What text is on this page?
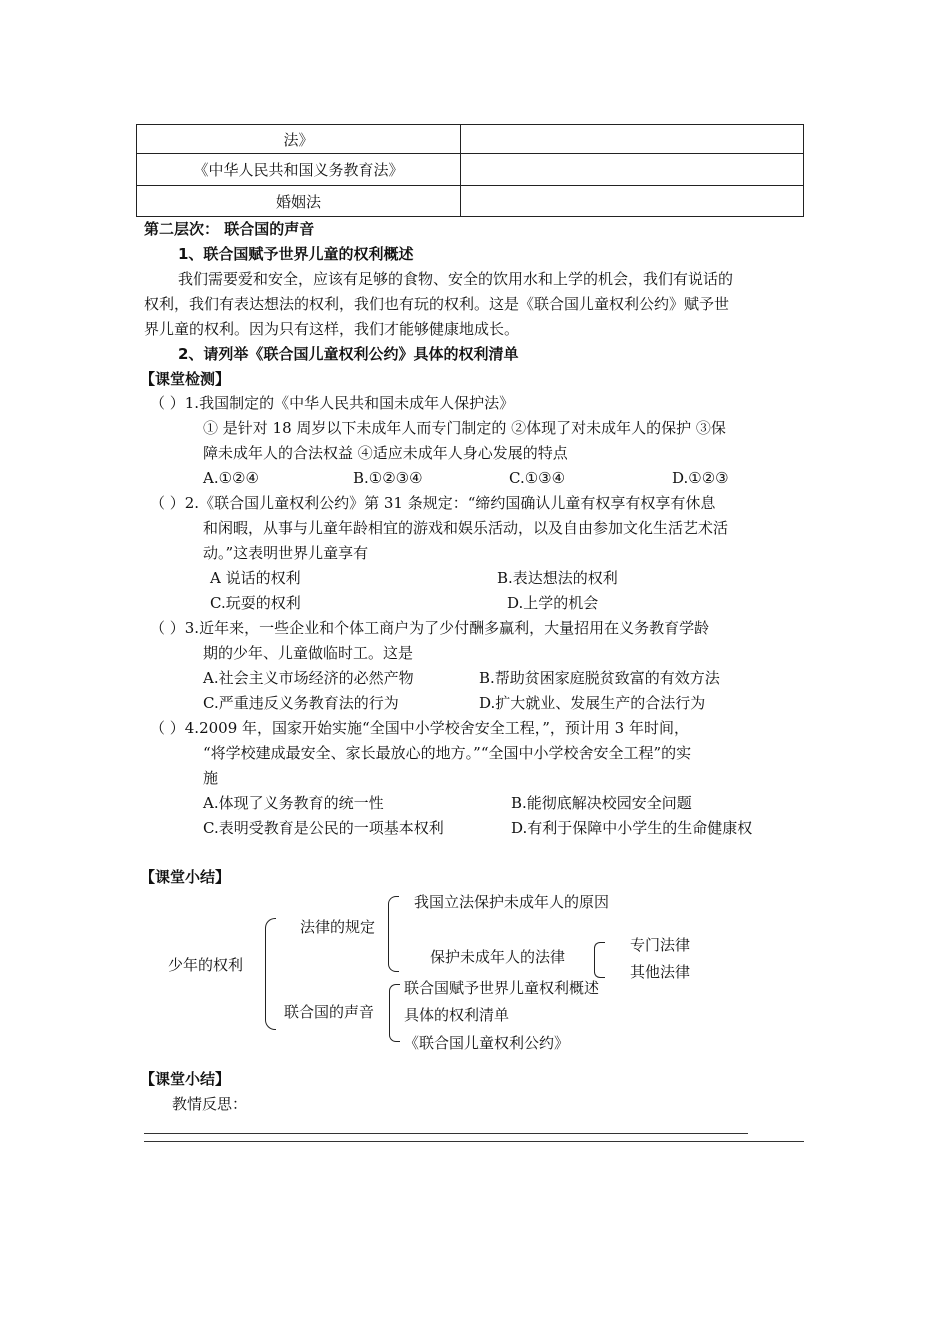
法》	
《中华人民共和国义务教育法》	
婚姻法	
第二层次： 联合国的声音
1、联合国赋予世界儿童的权利概述
我们需要爱和安全，应该有足够的食物、安全的饮用水和上学的机会，我们有说话的
权利，我们有表达想法的权利，我们也有玩的权利。这是《联合国儿童权利公约》赋予世
界儿童的权利。因为只有这样，我们才能够健康地成长。
2、请列举《联合国儿童权利公约》具体的权利清单
【课堂检测】
（ ）1.我国制定的《中华人民共和国未成年人保护法》
① 是针对 18 周岁以下未成年人而专门制定的 ②体现了对未成年人的保护 ③保
障未成年人的合法权益 ④适应未成年人身心发展的特点
A.①②④	B.①②③④	C.①③④	D.①②③
（ ）2.《联合国儿童权利公约》第 31 条规定：“缔约国确认儿童有权享有权享有休息
和闲暇，从事与儿童年龄相宜的游戏和娱乐活动，以及自由参加文化生活艺术活
动。”这表明世界儿童享有
A 说话的权利	B.表达想法的权利
C.玩耍的权利	D.上学的机会
（ ）3.近年来，一些企业和个体工商户为了少付酬多赢利，大量招用在义务教育学龄
期的少年、儿童做临时工。这是
A.社会主义市场经济的必然产物	B.帮助贫困家庭脱贫致富的有效方法
C.严重违反义务教育法的行为	D.扩大就业、发展生产的合法行为
（ ）4.2009 年，国家开始实施“全国中小学校舍安全工程，”，预计用 3 年时间，
“将学校建成最安全、家长最放心的地方。”“全国中小学校舍安全工程”的实
施
A.体现了义务教育的统一性	B.能彻底解决校园安全问题
C.表明受教育是公民的一项基本权利	D.有利于保障中小学生的生命健康权
【课堂小结】
少年的权利
法律的规定
我国立法保护未成年人的原因
保护未成年人的法律
专门法律
其他法律
联合国的声音
联合国赋予世界儿童权利概述
具体的权利清单
《联合国儿童权利公约》
【课堂小结】
教情反思：
